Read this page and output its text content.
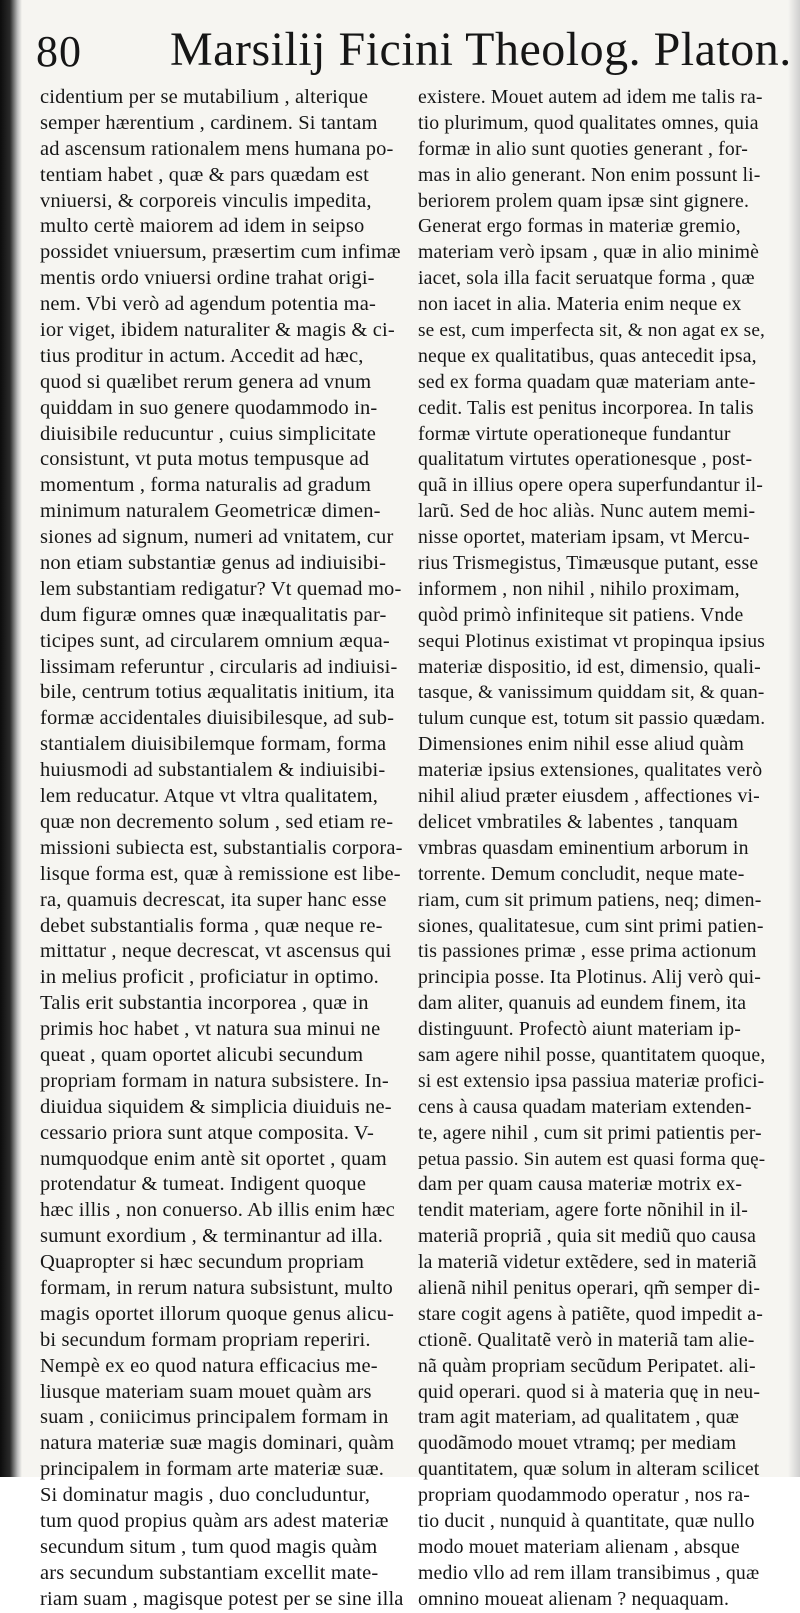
80 Marsilij Ficini Theolog. Platon.
cidentium per se mutabilium , alterique
semper hærentium , cardinem. Si tantam
ad ascensum rationalem mens humana po-
tentiam habet , quæ & pars quædam est
vniuersi, & corporeis vinculis impedita,
multo certè maiorem ad idem in seipso
possidet vniuersum, præsertim cum infimæ
mentis ordo vniuersi ordine trahat origi-
nem. Vbi verò ad agendum potentia ma-
ior viget, ibidem naturaliter & magis & ci-
tius proditur in actum. Accedit ad hæc,
quod si quælibet rerum genera ad vnum
quiddam in suo genere quodammodo in-
diuisibile reducuntur , cuius simplicitate
consistunt, vt puta motus tempusque ad
momentum , forma naturalis ad gradum
minimum naturalem Geometricæ dimen-
siones ad signum, numeri ad vnitatem, cur
non etiam substantiæ genus ad indiuisibi-
lem substantiam redigatur? Vt quemad mo-
dum figuræ omnes quæ inæqualitatis par-
ticipes sunt, ad circularem omnium æqua-
lissimam referuntur , circularis ad indiuisi-
bile, centrum totius æqualitatis initium, ita
formæ accidentales diuisibilesque, ad sub-
stantialem diuisibilemque formam, forma
huiusmodi ad substantialem & indiuisibi-
lem reducatur. Atque vt vltra qualitatem,
quæ non decremento solum , sed etiam re-
missioni subiecta est, substantialis corpora-
lisque forma est, quæ à remissione est libe-
ra, quamuis decrescat, ita super hanc esse
debet substantialis forma , quæ neque re-
mittatur , neque decrescat, vt ascensus qui
in melius proficit , proficiatur in optimo.
Talis erit substantia incorporea , quæ in
primis hoc habet , vt natura sua minui ne
queat , quam oportet alicubi secundum
propriam formam in natura subsistere. In-
diuidua siquidem & simplicia diuiduis ne-
cessario priora sunt atque composita. V-
numquodque enim antè sit oportet , quam
protendatur & tumeat. Indigent quoque
hæc illis , non conuerso. Ab illis enim hæc
sumunt exordium , & terminantur ad illa.
Quapropter si hæc secundum propriam
formam, in rerum natura subsistunt, multo
magis oportet illorum quoque genus alicu-
bi secundum formam propriam reperiri.
Nempè ex eo quod natura efficacius me-
liusque materiam suam mouet quàm ars
suam , coniicimus principalem formam in
natura materiæ suæ magis dominari, quàm
principalem in formam arte materiæ suæ.
Si dominatur magis , duo concluduntur,
tum quod propius quàm ars adest materiæ
secundum situm , tum quod magis quàm
ars secundum substantiam excellit mate-
riam suam , magisque potest per se sine illa
existere. Mouet autem ad idem me talis ra-
tio plurimum, quod qualitates omnes, quia
formæ in alio sunt quoties generant , for-
mas in alio generant. Non enim possunt li-
beriorem prolem quam ipsæ sint gignere.
Generat ergo formas in materiæ gremio,
materiam verò ipsam , quæ in alio minimè
iacet, sola illa facit seruatque forma , quæ
non iacet in alia. Materia enim neque ex
se est, cum imperfecta sit, & non agat ex se,
neque ex qualitatibus, quas antecedit ipsa,
sed ex forma quadam quæ materiam ante-
cedit. Talis est penitus incorporea. In talis
formæ virtute operationeque fundantur
qualitatum virtutes operationesque , post-
quã in illius opere opera superfundantur il-
larũ. Sed de hoc aliàs. Nunc autem memi-
nisse oportet, materiam ipsam, vt Mercu-
rius Trismegistus, Timæusque putant, esse
informem , non nihil , nihilo proximam,
quòd primò infiniteque sit patiens. Vnde
sequi Plotinus existimat vt propinqua ipsius
materiæ dispositio, id est, dimensio, quali-
tasque, & vanissimum quiddam sit, & quan-
tulum cunque est, totum sit passio quædam.
Dimensiones enim nihil esse aliud quàm
materiæ ipsius extensiones, qualitates verò
nihil aliud præter eiusdem , affectiones vi-
delicet vmbratiles & labentes , tanquam
vmbras quasdam eminentium arborum in
torrente. Demum concludit, neque mate-
riam, cum sit primum patiens, neq; dimen-
siones, qualitatesue, cum sint primi patien-
tis passiones primæ , esse prima actionum
principia posse. Ita Plotinus. Alij verò qui-
dam aliter, quanuis ad eundem finem, ita
distinguunt. Profectò aiunt materiam ip-
sam agere nihil posse, quantitatem quoque,
si est extensio ipsa passiua materiæ profici-
cens à causa quadam materiam extenden-
te, agere nihil , cum sit primi patientis per-
petua passio. Sin autem est quasi forma quę-
dam per quam causa materiæ motrix ex-
tendit materiam, agere forte nõnihil in il-
materiã propriã , quia sit mediũ quo causa
la materiã videtur extẽdere, sed in materiã
alienã nihil penitus operari, qm̃ semper di-
stare cogit agens à patiẽte, quod impedit a-
ctionẽ. Qualitatẽ verò in materiã tam alie-
nã quàm propriam secũdum Peripatet. ali-
quid operari. quod si à materia quę in neu-
tram agit materiam, ad qualitatem , quæ
quodãmodo mouet vtramq; per mediam
quantitatem, quæ solum in alteram scilicet
propriam quodammodo operatur , nos ra-
tio ducit , nunquid à quantitate, quæ nullo
modo mouet materiam alienam , absque
medio vllo ad rem illam transibimus , quæ
omnino moueat alienam ? nequaquam.
